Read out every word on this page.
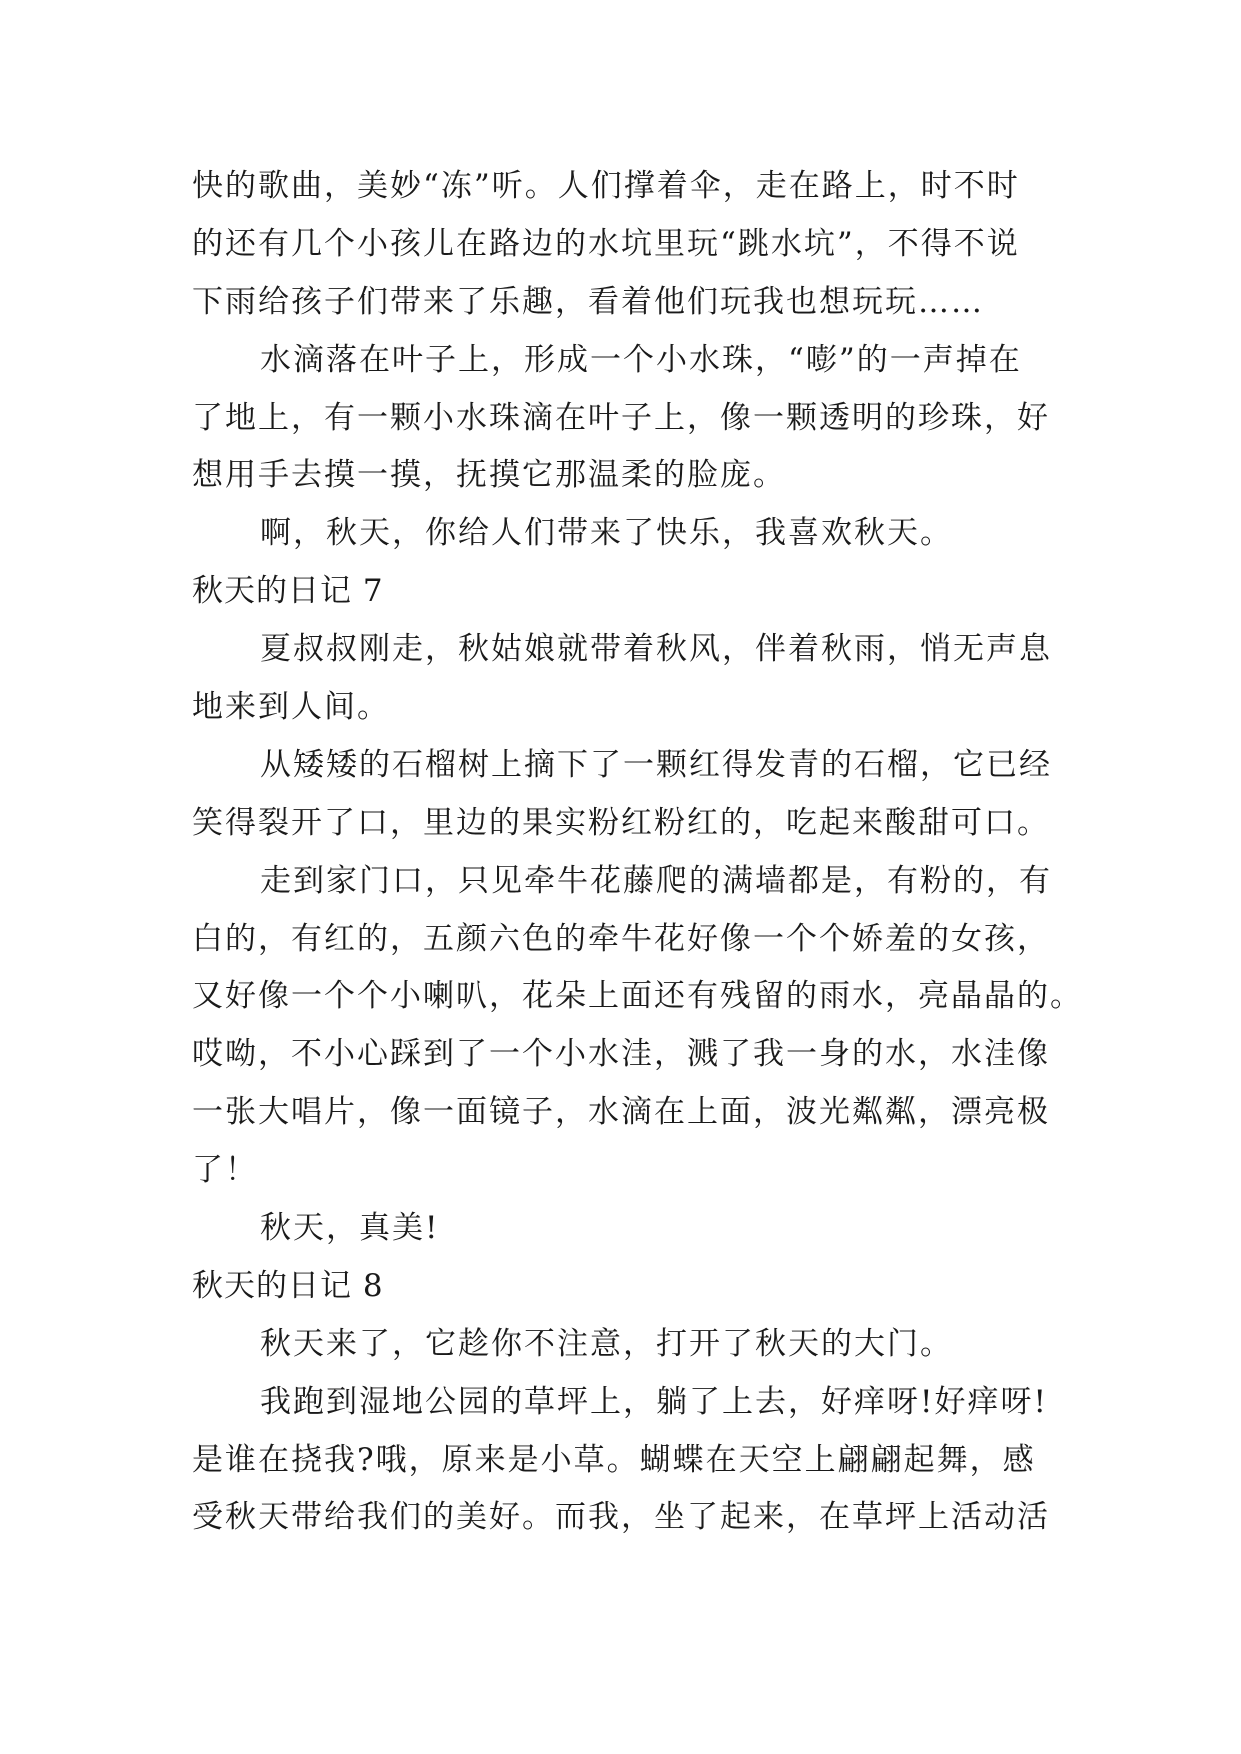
快的歌曲，美妙“冻”听。人们撑着伞，走在路上，时不时
的还有几个小孩儿在路边的水坑里玩“跳水坑”，不得不说
下雨给孩子们带来了乐趣，看着他们玩我也想玩玩……
水滴落在叶子上，形成一个小水珠，“嘭”的一声掉在
了地上，有一颗小水珠滴在叶子上，像一颗透明的珍珠，好
想用手去摸一摸，抚摸它那温柔的脸庞。
啊，秋天，你给人们带来了快乐，我喜欢秋天。
秋天的日记 7
夏叔叔刚走，秋姑娘就带着秋风，伴着秋雨，悄无声息
地来到人间。
从矮矮的石榴树上摘下了一颗红得发青的石榴，它已经
笑得裂开了口，里边的果实粉红粉红的，吃起来酸甜可口。
走到家门口，只见牵牛花藤爬的满墙都是，有粉的，有
白的，有红的，五颜六色的牵牛花好像一个个娇羞的女孩，
又好像一个个小喇叭，花朵上面还有残留的雨水，亮晶晶的。
哎呦，不小心踩到了一个小水洼，溅了我一身的水，水洼像
一张大唱片，像一面镜子，水滴在上面，波光粼粼，漂亮极
了！
秋天，真美!
秋天的日记 8
秋天来了，它趁你不注意，打开了秋天的大门。
我跑到湿地公园的草坪上，躺了上去，好痒呀!好痒呀!
是谁在挠我?哦，原来是小草。蝴蝶在天空上翩翩起舞，感
受秋天带给我们的美好。而我，坐了起来，在草坪上活动活
